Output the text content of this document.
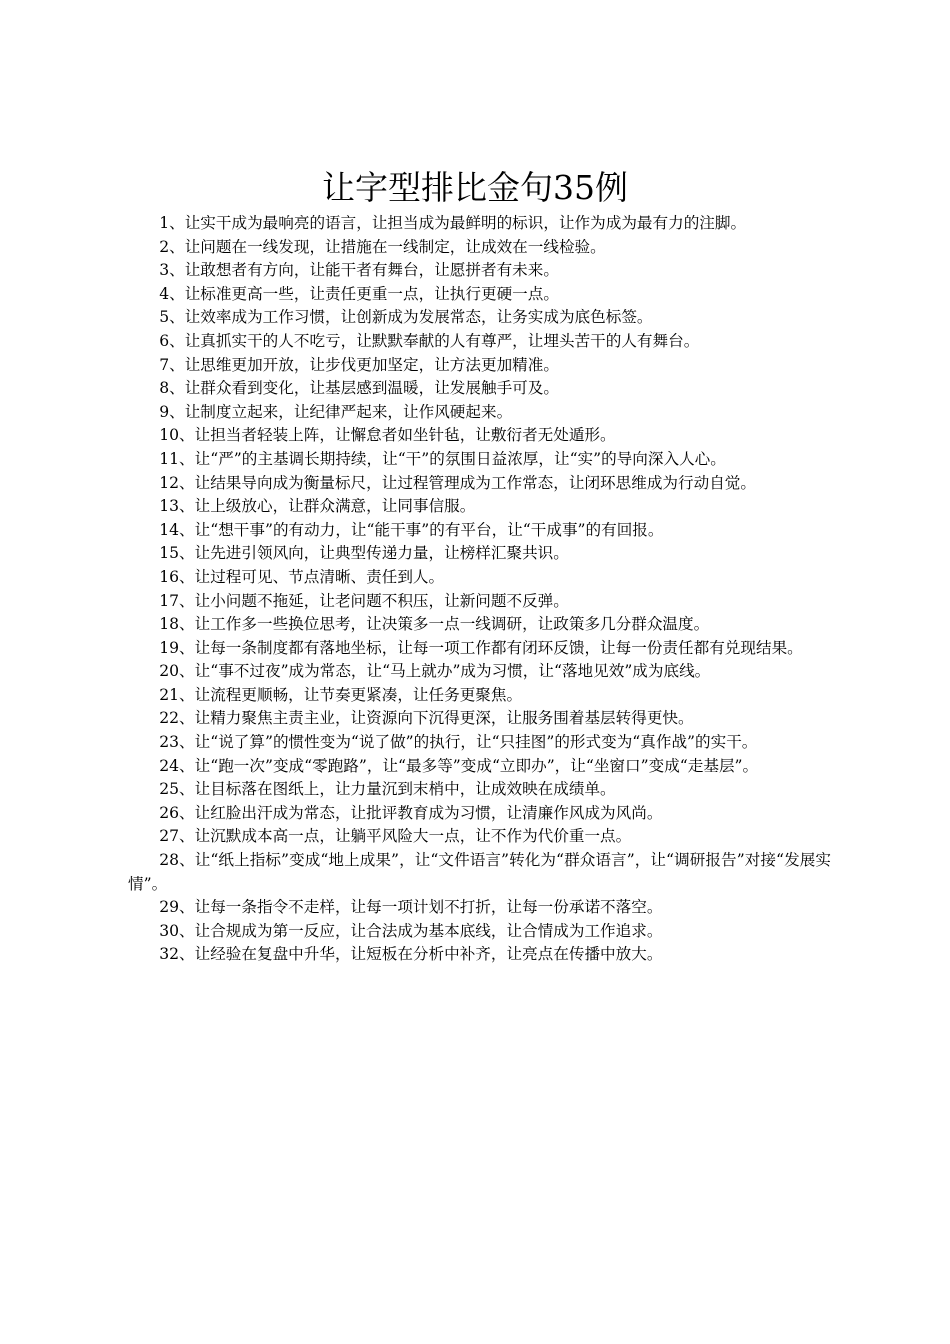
让字型排比金句35例
1、让实干成为最响亮的语言，让担当成为最鲜明的标识，让作为成为最有力的注脚。
2、让问题在一线发现，让措施在一线制定，让成效在一线检验。
3、让敢想者有方向，让能干者有舞台，让愿拼者有未来。
4、让标准更高一些，让责任更重一点，让执行更硬一点。
5、让效率成为工作习惯，让创新成为发展常态，让务实成为底色标签。
6、让真抓实干的人不吃亏，让默默奉献的人有尊严，让埋头苦干的人有舞台。
7、让思维更加开放，让步伐更加坚定，让方法更加精准。
8、让群众看到变化，让基层感到温暖，让发展触手可及。
9、让制度立起来，让纪律严起来，让作风硬起来。
10、让担当者轻装上阵，让懈怠者如坐针毡，让敷衍者无处遁形。
11、让“严”的主基调长期持续，让“干”的氛围日益浓厚，让“实”的导向深入人心。
12、让结果导向成为衡量标尺，让过程管理成为工作常态，让闭环思维成为行动自觉。
13、让上级放心，让群众满意，让同事信服。
14、让“想干事”的有动力，让“能干事”的有平台，让“干成事”的有回报。
15、让先进引领风向，让典型传递力量，让榜样汇聚共识。
16、让过程可见、节点清晰、责任到人。
17、让小问题不拖延，让老问题不积压，让新问题不反弹。
18、让工作多一些换位思考，让决策多一点一线调研，让政策多几分群众温度。
19、让每一条制度都有落地坐标，让每一项工作都有闭环反馈，让每一份责任都有兑现结果。
20、让“事不过夜”成为常态，让“马上就办”成为习惯，让“落地见效”成为底线。
21、让流程更顺畅，让节奏更紧凑，让任务更聚焦。
22、让精力聚焦主责主业，让资源向下沉得更深，让服务围着基层转得更快。
23、让“说了算”的惯性变为“说了做”的执行，让“只挂图”的形式变为“真作战”的实干。
24、让“跑一次”变成“零跑路”，让“最多等”变成“立即办”，让“坐窗口”变成“走基层”。
25、让目标落在图纸上，让力量沉到末梢中，让成效映在成绩单。
26、让红脸出汗成为常态，让批评教育成为习惯，让清廉作风成为风尚。
27、让沉默成本高一点，让躺平风险大一点，让不作为代价重一点。
28、让“纸上指标”变成“地上成果”，让“文件语言”转化为“群众语言”，让“调研报告”对接“发展实情”。
29、让每一条指令不走样，让每一项计划不打折，让每一份承诺不落空。
30、让合规成为第一反应，让合法成为基本底线，让合情成为工作追求。
32、让经验在复盘中升华，让短板在分析中补齐，让亮点在传播中放大。
